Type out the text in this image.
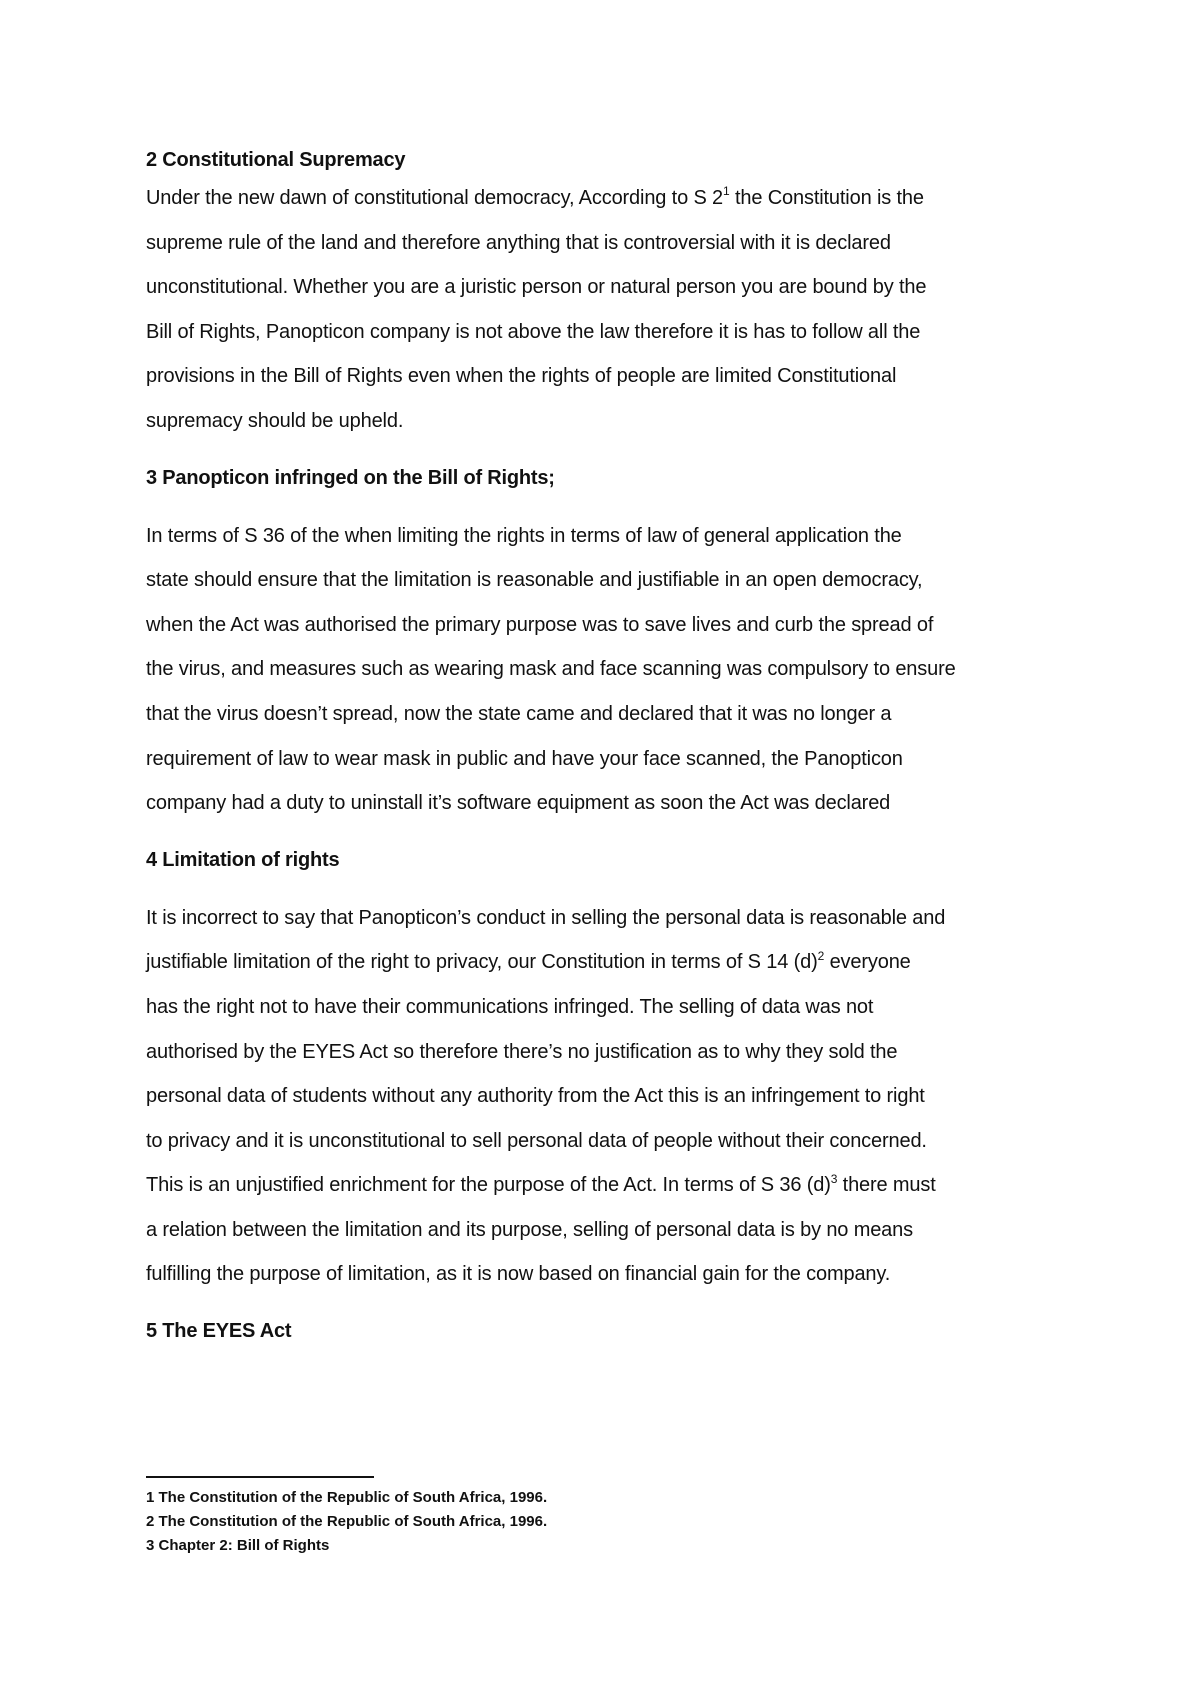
2 Constitutional Supremacy

Under the new dawn of constitutional democracy, According to S $2^1$ the Constitution is the
supreme rule of the land and therefore anything that is controversial with it is declared
unconstitutional. Whether you are a juristic person or natural person you are bound by the
Bill of Rights, Panopticon company is not above the law therefore it is has to follow all the
provisions in the Bill of Rights even when the rights of people are limited Constitutional
supremacy should be upheld.

3 Panopticon infringed on the Bill of Rights;

In terms of S 36 of the when limiting the rights in terms of law of general application the
state should ensure that the limitation is reasonable and justifiable in an open democracy,
when the Act was authorised the primary purpose was to save lives and curb the spread of
the virus, and measures such as wearing mask and face scanning was compulsory to ensure
that the virus doesn’t spread, now the state came and declared that it was no longer a
requirement of law to wear mask in public and have your face scanned, the Panopticon
company had a duty to uninstall it’s software equipment as soon the Act was declared

4 Limitation of rights

It is incorrect to say that Panopticon’s conduct in selling the personal data is reasonable and
justifiable limitation of the right to privacy, our Constitution in terms of S 14 $(d)^2$ everyone
has the right not to have their communications infringed. The selling of data was not
authorised by the EYES Act so therefore there’s no justification as to why they sold the
personal data of students without any authority from the Act this is an infringement to right
to privacy and it is unconstitutional to sell personal data of people without their concerned.
This is an unjustified enrichment for the purpose of the Act. In terms of S 36 $(d)^3$ there must
a relation between the limitation and its purpose, selling of personal data is by no means
fulfilling the purpose of limitation, as it is now based on financial gain for the company.

5 The EYES Act

1 The Constitution of the Republic of South Africa, 1996.

2 The Constitution of the Republic of South Africa, 1996.

3 Chapter 2: Bill of Rights
